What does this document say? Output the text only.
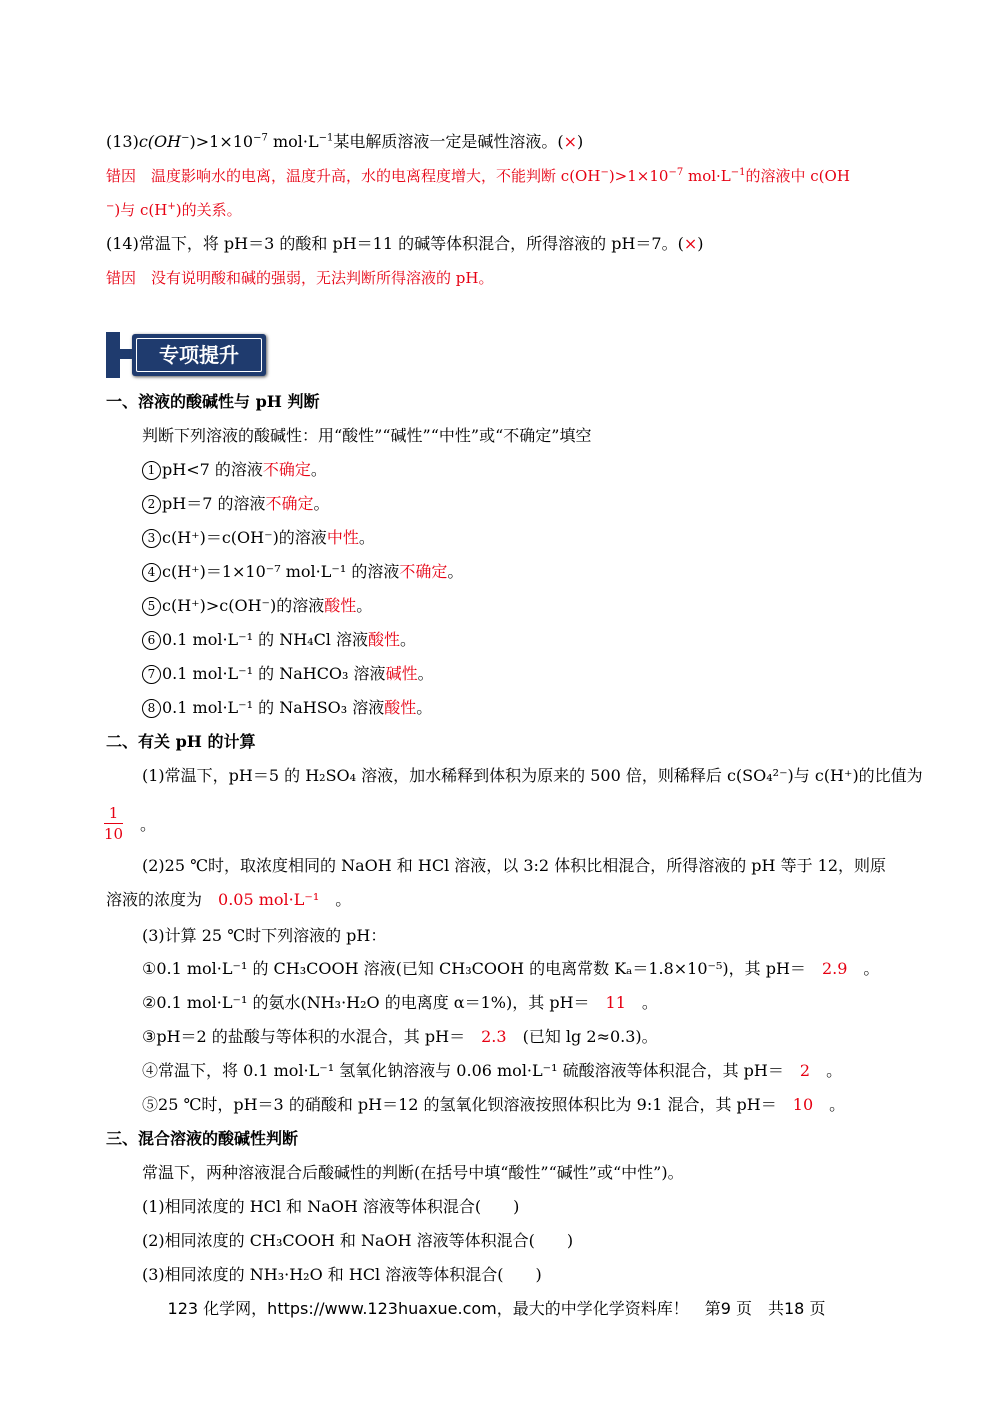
$(13)c(OH^-)>1\times 10^{-7}$ $mol\cdot L^{-1}$某电解质溶液一定是碱性溶液。(×)
错因　 温度影响水的电离，温度升高，水的电离程度增大，不能判断 $c(OH^-)>1\times 10^{-7}$ $mol\cdot L^{-1}$的溶液中 c(OH
−)与 c(H+)的关系。
(14)常温下，将 pH＝3 的酸和 pH＝11 的碱等体积混合，所得溶液的 pH＝7。(×)
错因　 没有说明酸和碱的强弱，无法判断所得溶液的 pH。
专项提升
一、溶液的酸碱性与 pH 判断
判断下列溶液的酸碱性：用“酸性”“碱性”“中性”或“不确定”填空
1 pH<7 的溶液不确定。
2 pH＝7 的溶液不确定。
3 c(H⁺)＝c(OH⁻)的溶液中性。
4 c(H⁺)＝1×10⁻⁷ mol·L⁻¹ 的溶液不确定。
5 c(H⁺)>c(OH⁻)的溶液酸性。
6 0.1 mol·L⁻¹ 的 NH₄Cl 溶液酸性。
7 0.1 mol·L⁻¹ 的 NaHCO₃ 溶液碱性。
8 0.1 mol·L⁻¹ 的 NaHSO₃ 溶液酸性。
二、有关 pH 的计算
(1)常温下，pH＝5 的 H₂SO₄ 溶液，加水稀释到体积为原来的 500 倍，则稀释后 c(SO₄²⁻)与 c(H⁺)的比值为
$\frac{1}{10}$ 。
(2)25 ℃时，取浓度相同的 NaOH 和 HCl 溶液，以 3:2 体积比相混合，所得溶液的 pH 等于 12，则原
溶液的浓度为　 0.05 mol·L⁻¹　 。
(3)计算 25 ℃时下列溶液的 pH：
①0.1 mol·L⁻¹ 的 CH₃COOH 溶液(已知 CH₃COOH 的电离常数 Kₐ＝1.8×10⁻⁵)，其 pH＝　 2.9　 。
②0.1 mol·L⁻¹ 的氨水(NH₃·H₂O 的电离度 α＝1%)，其 pH＝　 11　 。
③pH＝2 的盐酸与等体积的水混合，其 pH＝　 2.3　 (已知 lg 2≈0.3)。
④常温下，将 0.1 mol·L⁻¹ 氢氧化钠溶液与 0.06 mol·L⁻¹ 硫酸溶液等体积混合，其 pH＝　 2　 。
⑤25 ℃时，pH＝3 的硝酸和 pH＝12 的氢氧化钡溶液按照体积比为 9:1 混合，其 pH＝　 10　 。
三、混合溶液的酸碱性判断
常温下，两种溶液混合后酸碱性的判断(在括号中填“酸性”“碱性”或“中性”)。
(1)相同浓度的 HCl 和 NaOH 溶液等体积混合(　　)
(2)相同浓度的 CH₃COOH 和 NaOH 溶液等体积混合(　　)
(3)相同浓度的 NH₃·H₂O 和 HCl 溶液等体积混合(　　)
123 化学网，https://www.123huaxue.com，最大的中学化学资料库！　第9 页　共18 页
